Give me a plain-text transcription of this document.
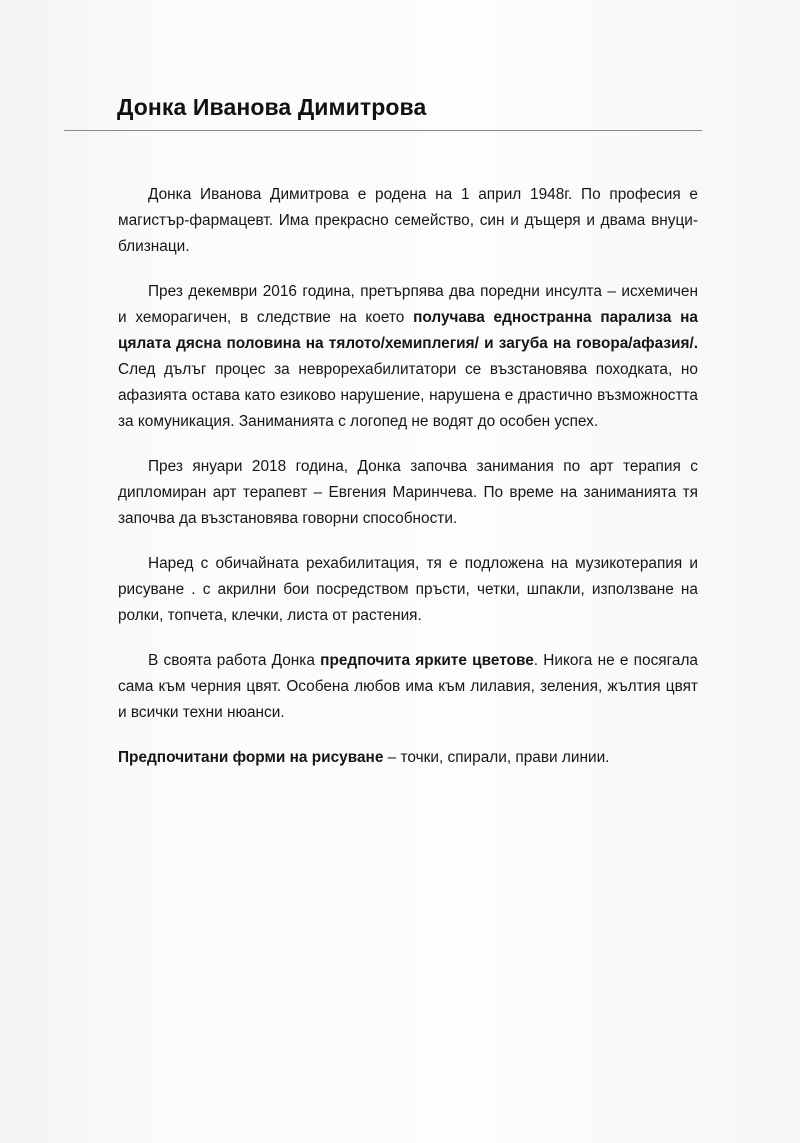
Донка Иванова Димитрова

Донка Иванова Димитрова е родена на 1 април 1948г. По професия е магистър-фармацевт. Има прекрасно семейство, син и дъщеря и двама внуци-близнаци.

През декември 2016 година, претърпява два поредни инсулта – исхемичен и хеморагичен, в следствие на което получава едностранна парализа на цялата дясна половина на тялото/хемиплегия/ и загуба на говора/афазия/. След дълъг процес за неврорехабилитатори се възстановява походката, но афазията остава като езиково нарушение, нарушена е драстично възможността за комуникация. Заниманията с логопед не водят до особен успех.

През януари 2018 година, Донка започва занимания по арт терапия с дипломиран арт терапевт – Евгения Маринчева. По време на заниманията тя започва да възстановява говорни способности.

Наред с обичайната рехабилитация, тя е подложена на музикотерапия и рисуване . с акрилни бои посредством пръсти, четки, шпакли, използване на ролки, топчета, клечки, листа от растения.

В своята работа Донка предпочита ярките цветове. Никога не е посягала сама към черния цвят. Особена любов има към лилавия, зеления, жълтия цвят и всички техни нюанси.

Предпочитани форми на рисуване – точки, спирали, прави линии.
